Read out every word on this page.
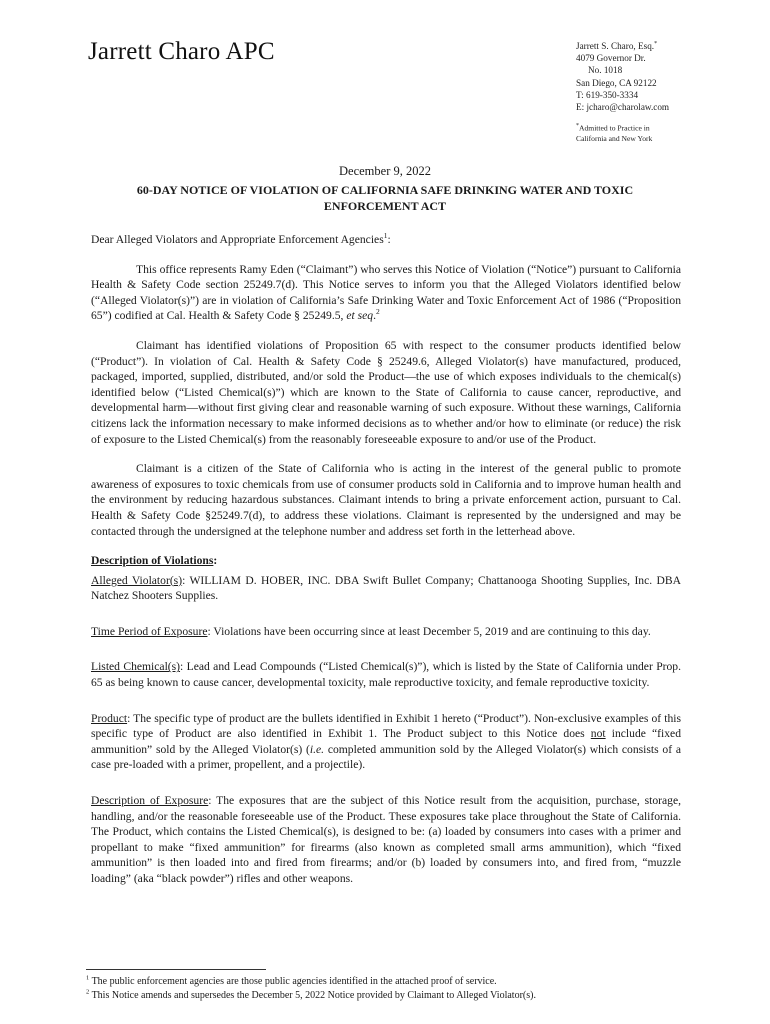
Jarrett Charo APC	Jarrett S. Charo, Esq.*
4079 Governor Dr.
No. 1018
San Diego, CA 92122
T: 619-350-3334
E: jcharo@charolaw.com
*Admitted to Practice in
California and New York
December 9, 2022
60-DAY NOTICE OF VIOLATION OF CALIFORNIA SAFE DRINKING WATER AND TOXIC ENFORCEMENT ACT

Dear Alleged Violators and Appropriate Enforcement Agencies$^1$:

This office represents Ramy Eden (“Claimant”) who serves this Notice of Violation (“Notice”) pursuant to California Health & Safety Code section 25249.7(d). This Notice serves to inform you that the Alleged Violators identified below (“Alleged Violator(s)”) are in violation of California’s Safe Drinking Water and Toxic Enforcement Act of 1986 (“Proposition 65”) codified at Cal. Health & Safety Code § 25249.5, et seq.$^2$

Claimant has identified violations of Proposition 65 with respect to the consumer products identified below (“Product”). In violation of Cal. Health & Safety Code § 25249.6, Alleged Violator(s) have manufactured, produced, packaged, imported, supplied, distributed, and/or sold the Product—the use of which exposes individuals to the chemical(s) identified below (“Listed Chemical(s)”) which are known to the State of California to cause cancer, reproductive, and developmental harm—without first giving clear and reasonable warning of such exposure. Without these warnings, California citizens lack the information necessary to make informed decisions as to whether and/or how to eliminate (or reduce) the risk of exposure to the Listed Chemical(s) from the reasonably foreseeable exposure to and/or use of the Product.

Claimant is a citizen of the State of California who is acting in the interest of the general public to promote awareness of exposures to toxic chemicals from use of consumer products sold in California and to improve human health and the environment by reducing hazardous substances. Claimant intends to bring a private enforcement action, pursuant to Cal. Health & Safety Code §25249.7(d), to address these violations. Claimant is represented by the undersigned and may be contacted through the undersigned at the telephone number and address set forth in the letterhead above.

Description of Violations:

Alleged Violator(s): WILLIAM D. HOBER, INC. DBA Swift Bullet Company; Chattanooga Shooting Supplies, Inc. DBA Natchez Shooters Supplies.

Time Period of Exposure: Violations have been occurring since at least December 5, 2019 and are continuing to this day.

Listed Chemical(s): Lead and Lead Compounds (“Listed Chemical(s)”), which is listed by the State of California under Prop. 65 as being known to cause cancer, developmental toxicity, male reproductive toxicity, and female reproductive toxicity.

Product: The specific type of product are the bullets identified in Exhibit 1 hereto (“Product”). Non-exclusive examples of this specific type of Product are also identified in Exhibit 1. The Product subject to this Notice does not include “fixed ammunition” sold by the Alleged Violator(s) (i.e. completed ammunition sold by the Alleged Violator(s) which consists of a case pre-loaded with a primer, propellent, and a projectile).

Description of Exposure: The exposures that are the subject of this Notice result from the acquisition, purchase, storage, handling, and/or the reasonable foreseeable use of the Product. These exposures take place throughout the State of California. The Product, which contains the Listed Chemical(s), is designed to be: (a) loaded by consumers into cases with a primer and propellant to make “fixed ammunition” for firearms (also known as completed small arms ammunition), which “fixed ammunition” is then loaded into and fired from firearms; and/or (b) loaded by consumers into, and fired from, “muzzle loading” (aka “black powder”) rifles and other weapons.

$^1$ The public enforcement agencies are those public agencies identified in the attached proof of service.
$^2$ This Notice amends and supersedes the December 5, 2022 Notice provided by Claimant to Alleged Violator(s).
